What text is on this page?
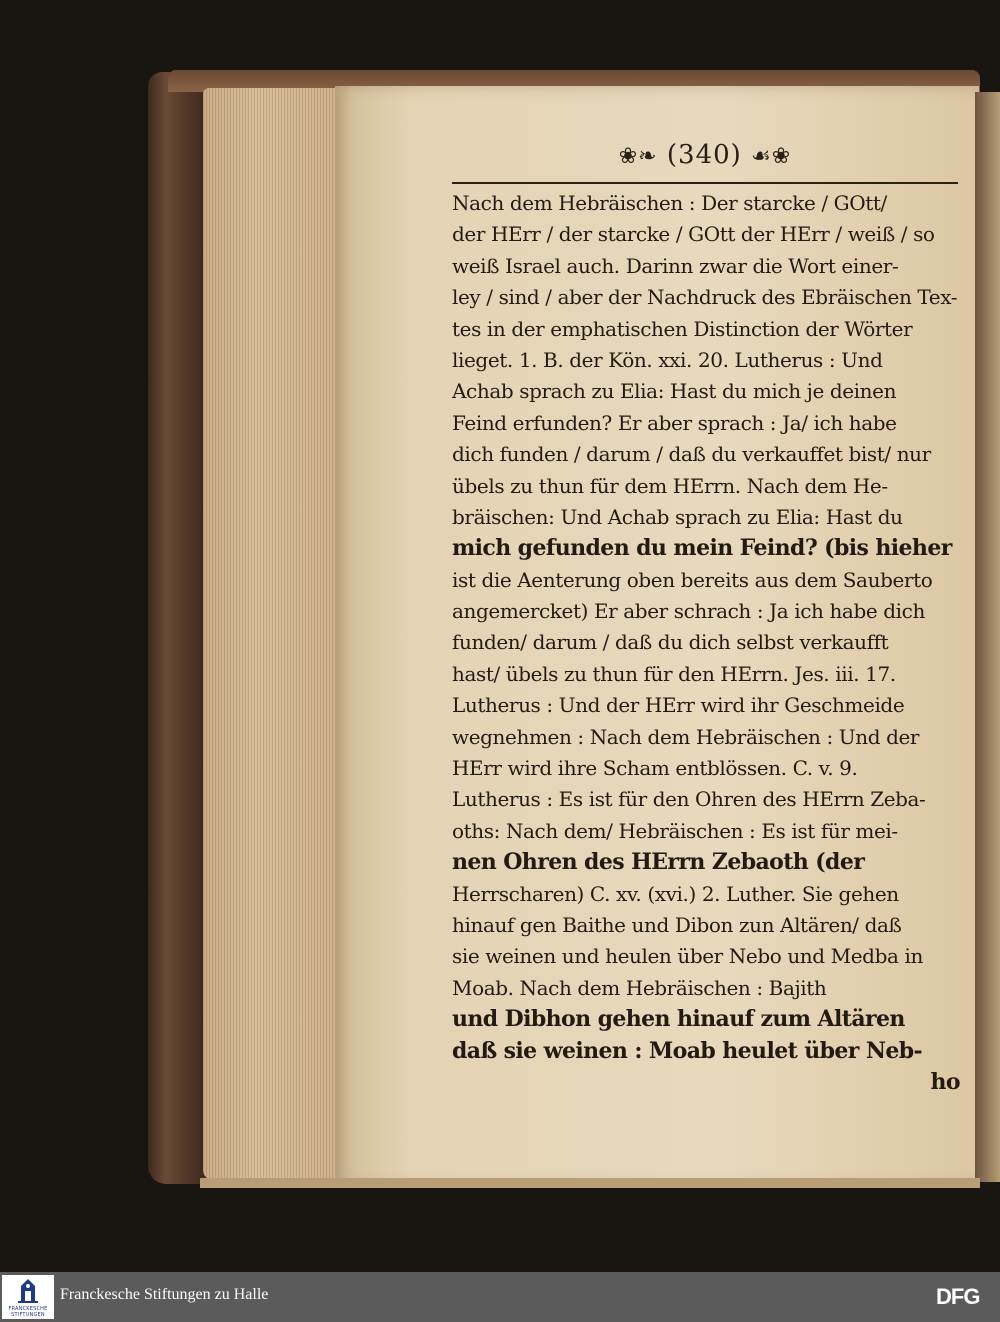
❀❧ (340) ☙❀
Nach dem Hebräischen : Der starcke / GOtt/
der HErr / der starcke / GOtt der HErr / weiß / so
weiß Israel auch. Darinn zwar die Wort einer-
ley / sind / aber der Nachdruck des Ebräischen Tex-
tes in der emphatischen Distinction der Wörter
lieget. 1. B. der Kön. xxi. 20. Lutherus : Und
Achab sprach zu Elia: Hast du mich je deinen
Feind erfunden? Er aber sprach : Ja/ ich habe
dich funden / darum / daß du verkauffet bist/ nur
übels zu thun für dem HErrn. Nach dem He-
bräischen: Und Achab sprach zu Elia: Hast du
mich gefunden du mein Feind? (bis hieher
ist die Aenterung oben bereits aus dem Sauberto
angemercket) Er aber schrach : Ja ich habe dich
funden/ darum / daß du dich selbst verkaufft
hast/ übels zu thun für den HErrn. Jes. iii. 17.
Lutherus : Und der HErr wird ihr Geschmeide
wegnehmen : Nach dem Hebräischen : Und der
HErr wird ihre Scham entblössen. C. v. 9.
Lutherus : Es ist für den Ohren des HErrn Zeba-
oths: Nach dem/ Hebräischen : Es ist für mei-
nen Ohren des HErrn Zebaoth (der
Herrscharen) C. xv. (xvi.) 2. Luther. Sie gehen
hinauf gen Baithe und Dibon zun Altären/ daß
sie weinen und heulen über Nebo und Medba in
Moab. Nach dem Hebräischen : Bajith
und Dibhon gehen hinauf zum Altären
daß sie weinen : Moab heulet über Neb-
ho
FRANCKESCHE STIFTUNGEN
Franckesche Stiftungen zu Halle	DFG
